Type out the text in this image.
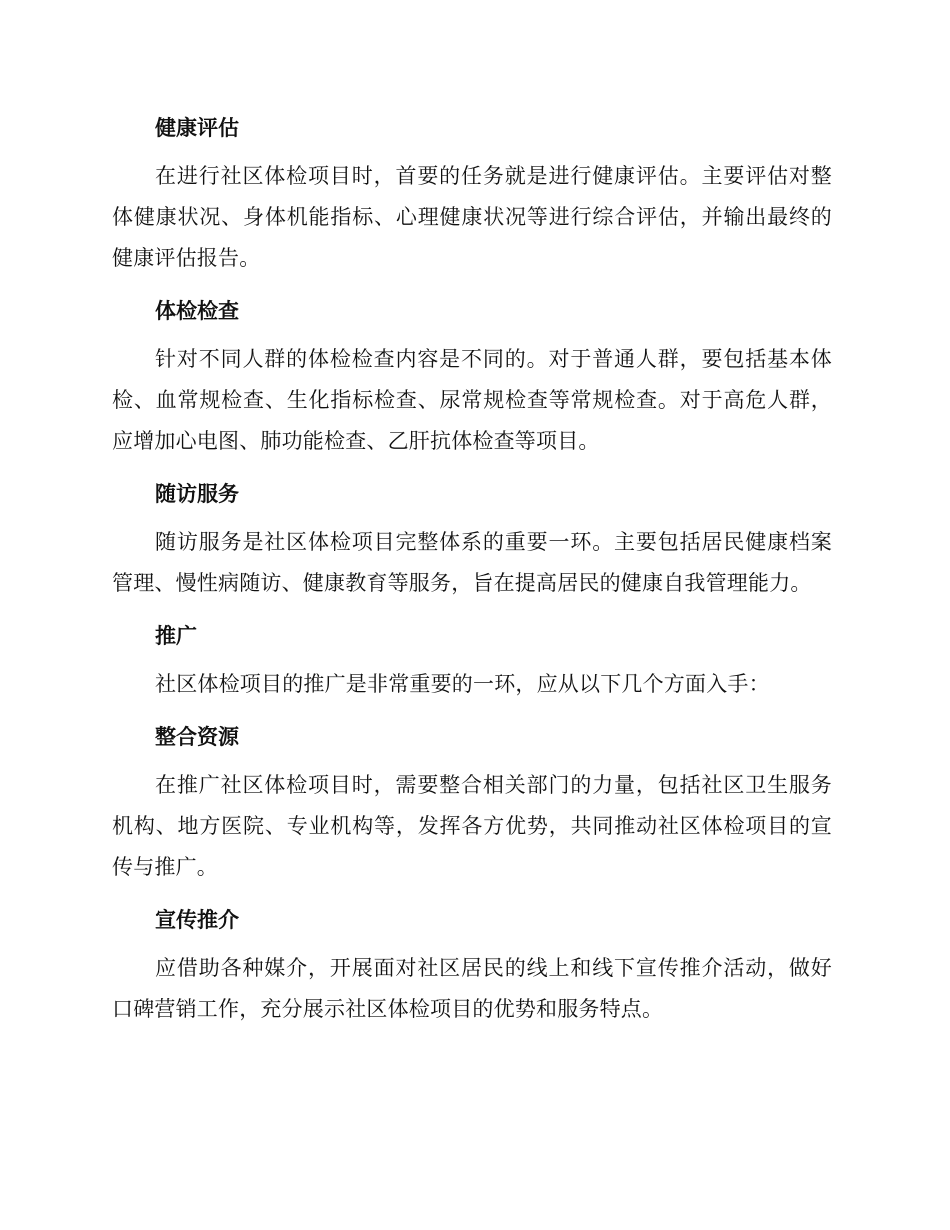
健康评估

在进行社区体检项目时，首要的任务就是进行健康评估。主要评估对整体健康状况、身体机能指标、心理健康状况等进行综合评估，并输出最终的健康评估报告。

体检检查

针对不同人群的体检检查内容是不同的。对于普通人群，要包括基本体检、血常规检查、生化指标检查、尿常规检查等常规检查。对于高危人群，应增加心电图、肺功能检查、乙肝抗体检查等项目。

随访服务

随访服务是社区体检项目完整体系的重要一环。主要包括居民健康档案管理、慢性病随访、健康教育等服务，旨在提高居民的健康自我管理能力。

推广

社区体检项目的推广是非常重要的一环，应从以下几个方面入手：

整合资源

在推广社区体检项目时，需要整合相关部门的力量，包括社区卫生服务机构、地方医院、专业机构等，发挥各方优势，共同推动社区体检项目的宣传与推广。

宣传推介

应借助各种媒介，开展面对社区居民的线上和线下宣传推介活动，做好口碑营销工作，充分展示社区体检项目的优势和服务特点。
